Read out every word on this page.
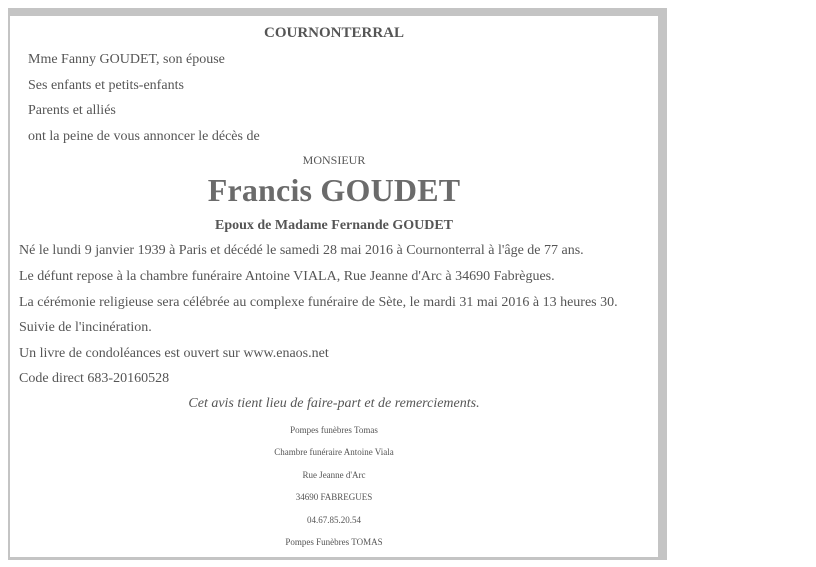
COURNONTERRAL

Mme Fanny GOUDET, son épouse

Ses enfants et petits-enfants

Parents et alliés

ont la peine de vous annoncer le décès de

MONSIEUR

Francis GOUDET

Epoux de Madame Fernande GOUDET

Né le lundi 9 janvier 1939 à Paris et décédé le samedi 28 mai 2016 à Cournonterral à l'âge de 77 ans.

Le défunt repose à la chambre funéraire Antoine VIALA, Rue Jeanne d'Arc à 34690 Fabrègues.

La cérémonie religieuse sera célébrée au complexe funéraire de Sète, le mardi 31 mai 2016 à 13 heures 30.

Suivie de l'incinération.

Un livre de condoléances est ouvert sur www.enaos.net

Code direct 683-20160528

Cet avis tient lieu de faire-part et de remerciements.

Pompes funèbres Tomas

Chambre funéraire Antoine Viala

Rue Jeanne d'Arc

34690 FABREGUES

04.67.85.20.54

Pompes Funèbres TOMAS
